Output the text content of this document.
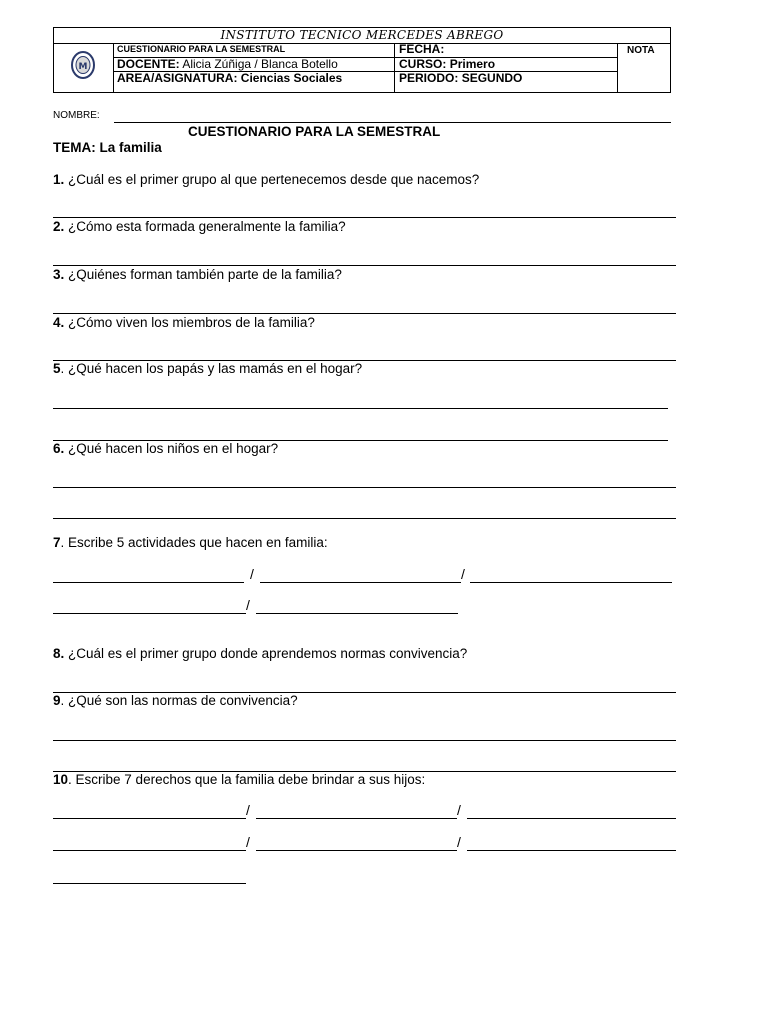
INSTITUTO TECNICO MERCEDES ABREGO
M
CUESTIONARIO PARA LA SEMESTRAL
DOCENTE: Alicia Zúñiga / Blanca Botello
AREA/ASIGNATURA: Ciencias Sociales
FECHA:
CURSO: Primero
PERIODO: SEGUNDO
NOTA
NOMBRE:
CUESTIONARIO PARA LA SEMESTRAL
TEMA: La familia
1. ¿Cuál es el primer grupo al que pertenecemos desde que nacemos?
2. ¿Cómo esta formada generalmente la familia?
3. ¿Quiénes forman también parte de la familia?
4. ¿Cómo viven los miembros de la familia?
5. ¿Qué hacen los papás y las mamás en el hogar?
6. ¿Qué hacen los niños en el hogar?
7. Escribe 5 actividades que hacen en familia:
/	/
/
8. ¿Cuál es el primer grupo donde aprendemos normas convivencia?
9. ¿Qué son las normas de convivencia?
10. Escribe 7 derechos que la familia debe brindar a sus hijos:
/	/
/	/
